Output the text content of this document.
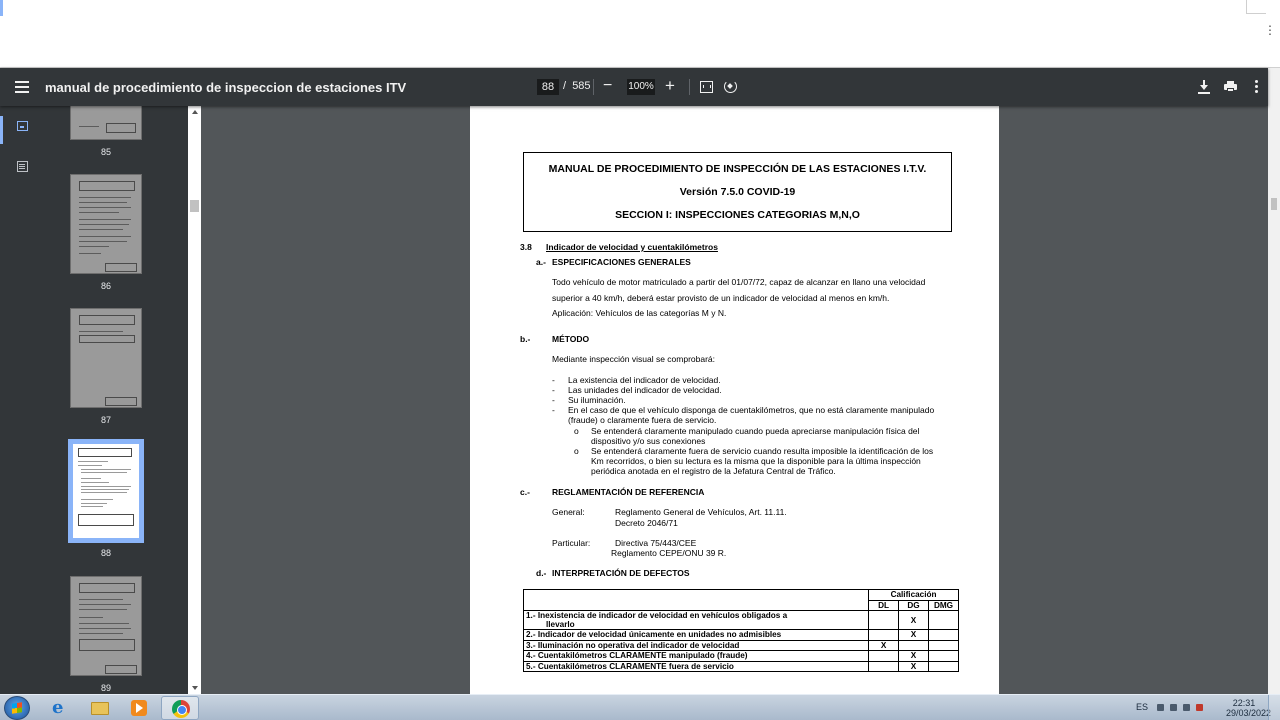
⋮
manual de procedimiento de inspeccion de estaciones ITV	88 / 585 − 100% +
85
86
87
88
89
MANUAL DE PROCEDIMIENTO DE INSPECCIÓN DE LAS ESTACIONES I.T.V.
Versión 7.5.0 COVID-19
SECCION I: INSPECCIONES CATEGORIAS M,N,O
3.8 Indicador de velocidad y cuentakilómetros
a.- ESPECIFICACIONES GENERALES
Todo vehículo de motor matriculado a partir del 01/07/72, capaz de alcanzar en llano una velocidad
superior a 40 km/h, deberá estar provisto de un indicador de velocidad al menos en km/h.
Aplicación: Vehículos de las categorías M y N.
b.-	MÉTODO
Mediante inspección visual se comprobará:
- La existencia del indicador de velocidad.
- Las unidades del indicador de velocidad.
- Su iluminación.
- En el caso de que el vehículo disponga de cuentakilómetros, que no está claramente manipulado
(fraude) o claramente fuera de servicio.
o Se entenderá claramente manipulado cuando pueda apreciarse manipulación física del
dispositivo y/o sus conexiones
o Se entenderá claramente fuera de servicio cuando resulta imposible la identificación de los
Km recorridos, o bien su lectura es la misma que la disponible para la última inspección
periódica anotada en el registro de la Jefatura Central de Tráfico.
c.-	REGLAMENTACIÓN DE REFERENCIA
General:	Reglamento General de Vehículos, Art. 11.11.
Decreto 2046/71
Particular:	Directiva 75/443/CEE
Reglamento CEPE/ONU 39 R.
d.- INTERPRETACIÓN DE DEFECTOS
	Calificación		
	DL	DG	DMG
1.- Inexistencia de indicador de velocidad en vehículos obligados a
llevarlo		X	
2.- Indicador de velocidad únicamente en unidades no admisibles		X	
3.- Iluminación no operativa del indicador de velocidad	X		
4.- Cuentakilómetros CLARAMENTE manipulado (fraude)		X	
5.- Cuentakilómetros CLARAMENTE fuera de servicio		X	
e	ES	22:31
29/03/2022
